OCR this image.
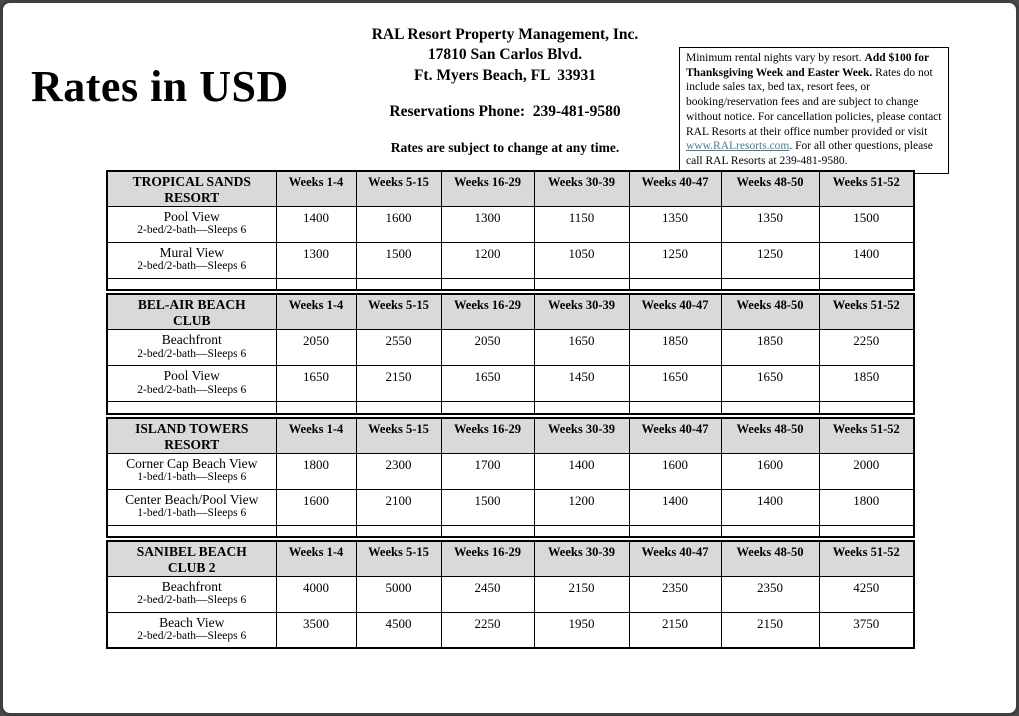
Rates in USD
RAL Resort Property Management, Inc.
17810 San Carlos Blvd.
Ft. Myers Beach, FL  33931
Reservations Phone:  239-481-9580
Rates are subject to change at any time.
Minimum rental nights vary by resort. Add $100 for Thanksgiving Week and Easter Week. Rates do not include sales tax, bed tax, resort fees, or booking/reservation fees and are subject to change without notice. For cancellation policies, please contact RAL Resorts at their office number provided or visit www.RALresorts.com. For all other questions, please call RAL Resorts at 239-481-9580.
TROPICAL SANDS
RESORT	Weeks 1-4	Weeks 5-15	Weeks 16-29	Weeks 30-39	Weeks 40-47	Weeks 48-50	Weeks 51-52

Pool View
2-bed/2-bath—Sleeps 6	1400	1600	1300	1150	1350	1350	1500

Mural View
2-bed/2-bath—Sleeps 6	1300	1500	1200	1050	1250	1250	1400

BEL-AIR BEACH
CLUB	Weeks 1-4	Weeks 5-15	Weeks 16-29	Weeks 30-39	Weeks 40-47	Weeks 48-50	Weeks 51-52

Beachfront
2-bed/2-bath—Sleeps 6	2050	2550	2050	1650	1850	1850	2250

Pool View
2-bed/2-bath—Sleeps 6	1650	2150	1650	1450	1650	1650	1850

ISLAND TOWERS
RESORT	Weeks 1-4	Weeks 5-15	Weeks 16-29	Weeks 30-39	Weeks 40-47	Weeks 48-50	Weeks 51-52

Corner Cap Beach View
1-bed/1-bath—Sleeps 6	1800	2300	1700	1400	1600	1600	2000

Center Beach/Pool View
1-bed/1-bath—Sleeps 6	1600	2100	1500	1200	1400	1400	1800

SANIBEL BEACH
CLUB 2	Weeks 1-4	Weeks 5-15	Weeks 16-29	Weeks 30-39	Weeks 40-47	Weeks 48-50	Weeks 51-52

Beachfront
2-bed/2-bath—Sleeps 6	4000	5000	2450	2150	2350	2350	4250

Beach View
2-bed/2-bath—Sleeps 6	3500	4500	2250	1950	2150	2150	3750
